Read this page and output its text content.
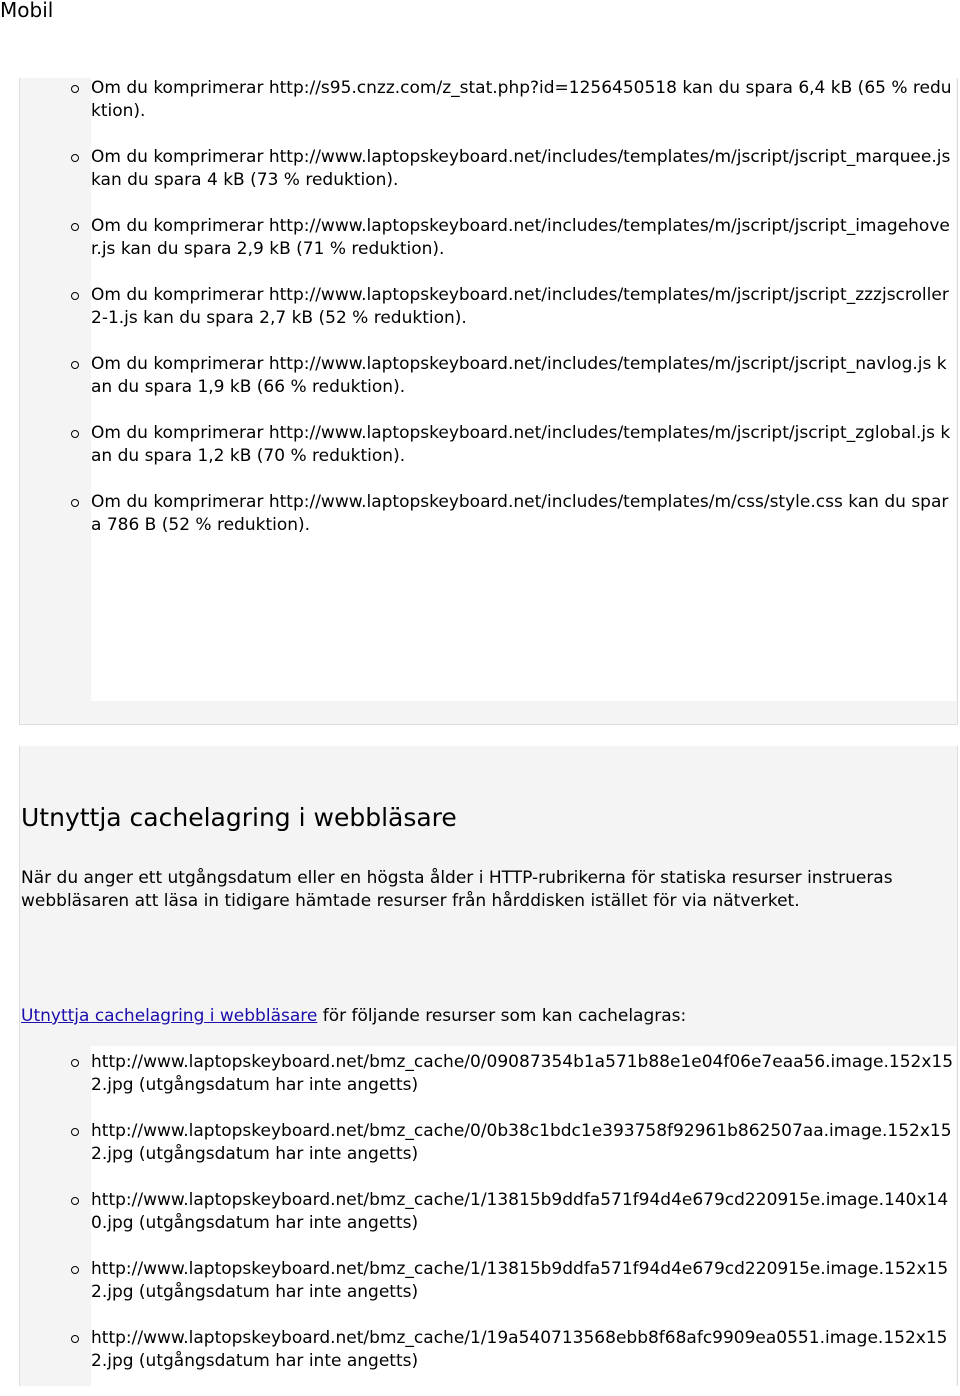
Mobil
Om du komprimerar http://s95.cnzz.com/z_stat.php?id=1256450518 kan du spara 6,4 kB (65 % reduktion).
Om du komprimerar http://www.laptopskeyboard.net/includes/templates/m/jscript/jscript_marquee.js kan du spara 4 kB (73 % reduktion).
Om du komprimerar http://www.laptopskeyboard.net/includes/templates/m/jscript/jscript_imagehover.js kan du spara 2,9 kB (71 % reduktion).
Om du komprimerar http://www.laptopskeyboard.net/includes/templates/m/jscript/jscript_zzzjscroller2-1.js kan du spara 2,7 kB (52 % reduktion).
Om du komprimerar http://www.laptopskeyboard.net/includes/templates/m/jscript/jscript_navlog.js kan du spara 1,9 kB (66 % reduktion).
Om du komprimerar http://www.laptopskeyboard.net/includes/templates/m/jscript/jscript_zglobal.js kan du spara 1,2 kB (70 % reduktion).
Om du komprimerar http://www.laptopskeyboard.net/includes/templates/m/css/style.css kan du spara 786 B (52 % reduktion).
Utnyttja cachelagring i webbläsare

När du anger ett utgångsdatum eller en högsta ålder i HTTP-rubrikerna för statiska resurser instrueras webbläsaren att läsa in tidigare hämtade resurser från hårddisken istället för via nätverket.

Utnyttja cachelagring i webbläsare för följande resurser som kan cachelagras:

http://www.laptopskeyboard.net/bmz_cache/0/09087354b1a571b88e1e04f06e7eaa56.image.152x152.jpg (utgångsdatum har inte angetts)
http://www.laptopskeyboard.net/bmz_cache/0/0b38c1bdc1e393758f92961b862507aa.image.152x152.jpg (utgångsdatum har inte angetts)
http://www.laptopskeyboard.net/bmz_cache/1/13815b9ddfa571f94d4e679cd220915e.image.140x140.jpg (utgångsdatum har inte angetts)
http://www.laptopskeyboard.net/bmz_cache/1/13815b9ddfa571f94d4e679cd220915e.image.152x152.jpg (utgångsdatum har inte angetts)
http://www.laptopskeyboard.net/bmz_cache/1/19a540713568ebb8f68afc9909ea0551.image.152x152.jpg (utgångsdatum har inte angetts)
